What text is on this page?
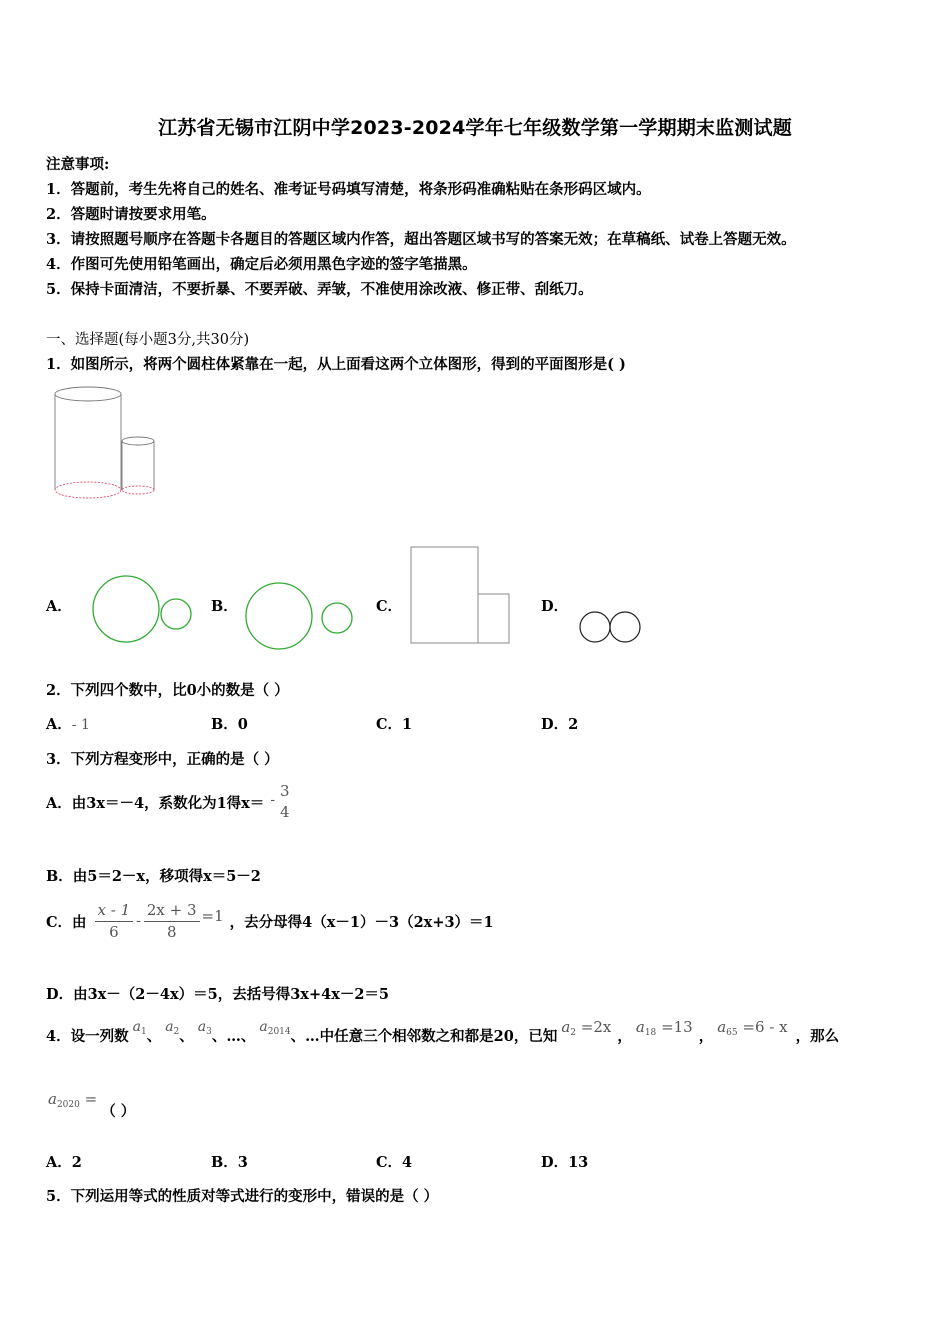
江苏省无锡市江阴中学2023-2024学年七年级数学第一学期期末监测试题
注意事项:
1．答题前，考生先将自己的姓名、准考证号码填写清楚，将条形码准确粘贴在条形码区域内。
2．答题时请按要求用笔。
3．请按照题号顺序在答题卡各题目的答题区域内作答，超出答题区域书写的答案无效；在草稿纸、试卷上答题无效。
4．作图可先使用铅笔画出，确定后必须用黑色字迹的签字笔描黑。
5．保持卡面清洁，不要折暴、不要弄破、弄皱，不准使用涂改液、修正带、刮纸刀。
一、选择题(每小题3分,共30分)
1．如图所示，将两个圆柱体紧靠在一起，从上面看这两个立体图形，得到的平面图形是( )
A．	B．	C．	D．
2．下列四个数中，比0小的数是（ ）
A．- 1	B．0	C．1	D．2
3．下列方程变形中，正确的是（ ）
A．由3x＝－4，系数化为1得x＝ - 3
4
B．由5＝2－x，移项得x＝5－2
C．由 $\frac{x - 1}{6} - \frac{2x + 3}{8} =1$ ，去分母得4（x－1）－3（2x+3）＝1
D．由3x－（2－4x）＝5，去括号得3x+4x－2＝5
4．设一列数
$a_1$ 、
$a_2$ 、
$a_3$ 、…、
$a_{2014}$ 、…中任意三个相邻数之和都是20，已知 $a_2 =2x$ ， $a_{18} =13$ ， $a_{65} =6 - x$ ，那么
$a_{2020}$ =
（ ）
A．2	B．3	C．4	D．13
5．下列运用等式的性质对等式进行的变形中，错误的是（ ）
